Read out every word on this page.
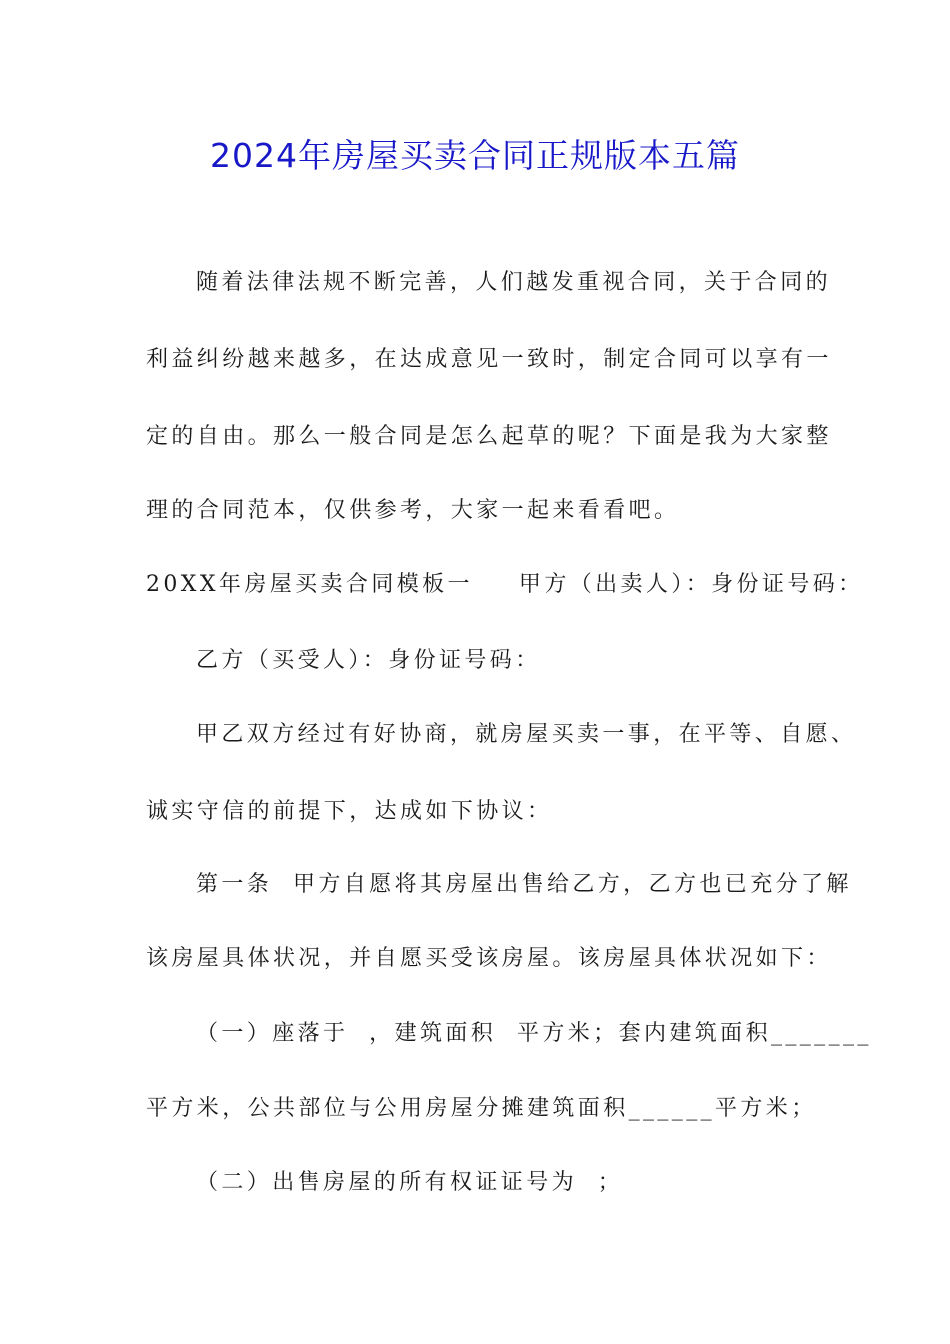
2024年房屋买卖合同正规版本五篇
随着法律法规不断完善，人们越发重视合同，关于合同的
利益纠纷越来越多，在达成意见一致时，制定合同可以享有一
定的自由。那么一般合同是怎么起草的呢？下面是我为大家整
理的合同范本，仅供参考，大家一起来看看吧。
20XX年房屋买卖合同模板一 甲方（出卖人）：身份证号码：
乙方（买受人）：身份证号码：
甲乙双方经过有好协商，就房屋买卖一事，在平等、自愿、
诚实守信的前提下，达成如下协议：
第一条  甲方自愿将其房屋出售给乙方，乙方也已充分了解
该房屋具体状况，并自愿买受该房屋。该房屋具体状况如下：
（一）座落于  ，建筑面积  平方米；套内建筑面积_______
平方米，公共部位与公用房屋分摊建筑面积______平方米；
（二）出售房屋的所有权证证号为  ；
